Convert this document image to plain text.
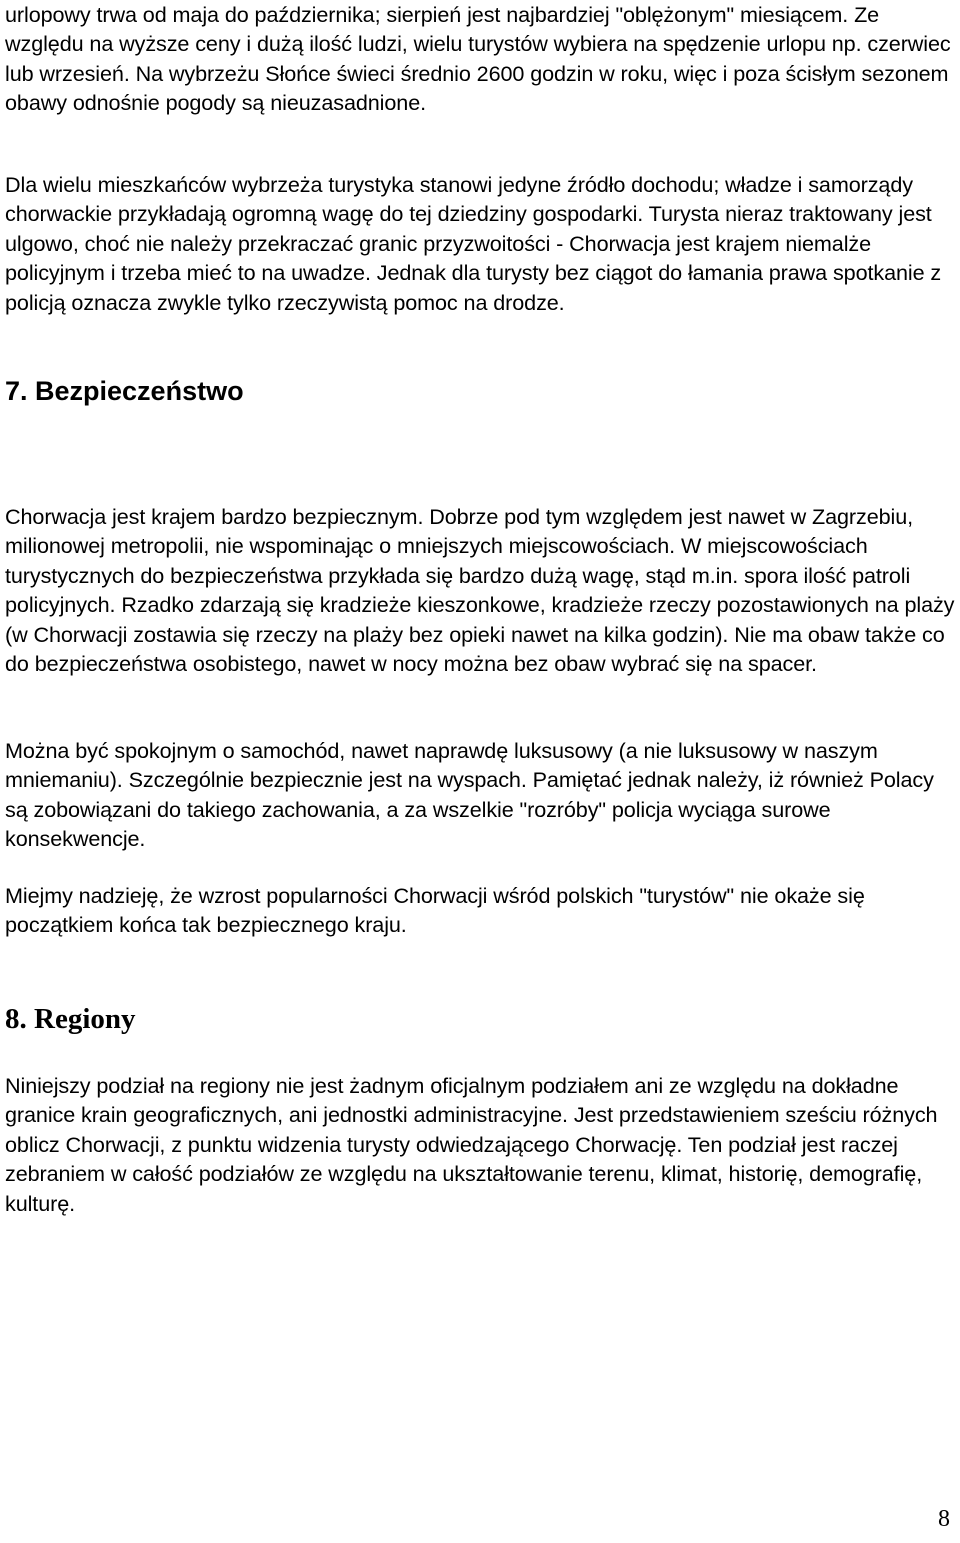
urlopowy trwa od maja do października; sierpień jest najbardziej "oblężonym" miesiącem. Ze względu na wyższe ceny i dużą ilość ludzi, wielu turystów wybiera na spędzenie urlopu np. czerwiec lub wrzesień. Na wybrzeżu Słońce świeci średnio 2600 godzin w roku, więc i poza ścisłym sezonem obawy odnośnie pogody są nieuzasadnione.

Dla wielu mieszkańców wybrzeża turystyka stanowi jedyne źródło dochodu; władze i samorządy chorwackie przykładają ogromną wagę do tej dziedziny gospodarki. Turysta nieraz traktowany jest ulgowo, choć nie należy przekraczać granic przyzwoitości - Chorwacja jest krajem niemalże policyjnym i trzeba mieć to na uwadze. Jednak dla turysty bez ciągot do łamania prawa spotkanie z policją oznacza zwykle tylko rzeczywistą pomoc na drodze.

7. Bezpieczeństwo

Chorwacja jest krajem bardzo bezpiecznym. Dobrze pod tym względem jest nawet w Zagrzebiu, milionowej metropolii, nie wspominając o mniejszych miejscowościach. W miejscowościach turystycznych do bezpieczeństwa przykłada się bardzo dużą wagę, stąd m.in. spora ilość patroli policyjnych. Rzadko zdarzają się kradzieże kieszonkowe, kradzieże rzeczy pozostawionych na plaży (w Chorwacji zostawia się rzeczy na plaży bez opieki nawet na kilka godzin). Nie ma obaw także co do bezpieczeństwa osobistego, nawet w nocy można bez obaw wybrać się na spacer.

Można być spokojnym o samochód, nawet naprawdę luksusowy (a nie luksusowy w naszym mniemaniu). Szczególnie bezpiecznie jest na wyspach. Pamiętać jednak należy, iż również Polacy są zobowiązani do takiego zachowania, a za wszelkie "rozróby" policja wyciąga surowe konsekwencje.

Miejmy nadzieję, że wzrost popularności Chorwacji wśród polskich "turystów" nie okaże się początkiem końca tak bezpiecznego kraju.

8. Regiony

Niniejszy podział na regiony nie jest żadnym oficjalnym podziałem ani ze względu na dokładne granice krain geograficznych, ani jednostki administracyjne. Jest przedstawieniem sześciu różnych oblicz Chorwacji, z punktu widzenia turysty odwiedzającego Chorwację. Ten podział jest raczej zebraniem w całość podziałów ze względu na ukształtowanie terenu, klimat, historię, demografię, kulturę.

8
